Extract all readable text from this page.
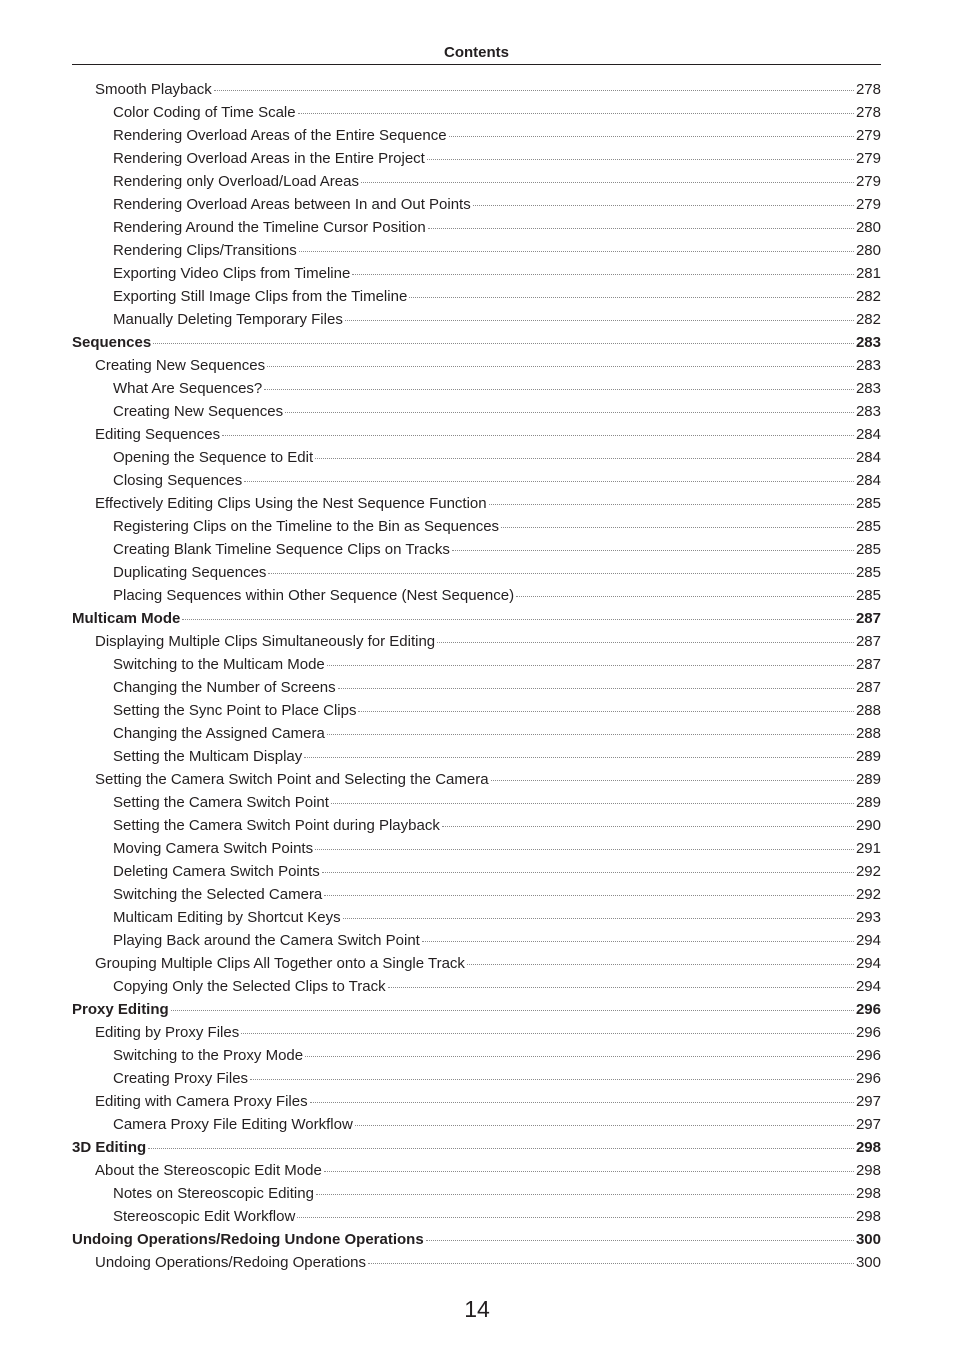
Contents
Smooth Playback	278
Color Coding of Time Scale	278
Rendering Overload Areas of the Entire Sequence	279
Rendering Overload Areas in the Entire Project	279
Rendering only Overload/Load Areas	279
Rendering Overload Areas between In and Out Points	279
Rendering Around the Timeline Cursor Position	280
Rendering Clips/Transitions	280
Exporting Video Clips from Timeline	281
Exporting Still Image Clips from the Timeline	282
Manually Deleting Temporary Files	282
Sequences	283
Creating New Sequences	283
What Are Sequences?	283
Creating New Sequences	283
Editing Sequences	284
Opening the Sequence to Edit	284
Closing Sequences	284
Effectively Editing Clips Using the Nest Sequence Function	285
Registering Clips on the Timeline to the Bin as Sequences	285
Creating Blank Timeline Sequence Clips on Tracks	285
Duplicating Sequences	285
Placing Sequences within Other Sequence (Nest Sequence)	285
Multicam Mode	287
Displaying Multiple Clips Simultaneously for Editing	287
Switching to the Multicam Mode	287
Changing the Number of Screens	287
Setting the Sync Point to Place Clips	288
Changing the Assigned Camera	288
Setting the Multicam Display	289
Setting the Camera Switch Point and Selecting the Camera	289
Setting the Camera Switch Point	289
Setting the Camera Switch Point during Playback	290
Moving Camera Switch Points	291
Deleting Camera Switch Points	292
Switching the Selected Camera	292
Multicam Editing by Shortcut Keys	293
Playing Back around the Camera Switch Point	294
Grouping Multiple Clips All Together onto a Single Track	294
Copying Only the Selected Clips to Track	294
Proxy Editing	296
Editing by Proxy Files	296
Switching to the Proxy Mode	296
Creating Proxy Files	296
Editing with Camera Proxy Files	297
Camera Proxy File Editing Workflow	297
3D Editing	298
About the Stereoscopic Edit Mode	298
Notes on Stereoscopic Editing	298
Stereoscopic Edit Workflow	298
Undoing Operations/Redoing Undone Operations	300
Undoing Operations/Redoing Operations	300
14
